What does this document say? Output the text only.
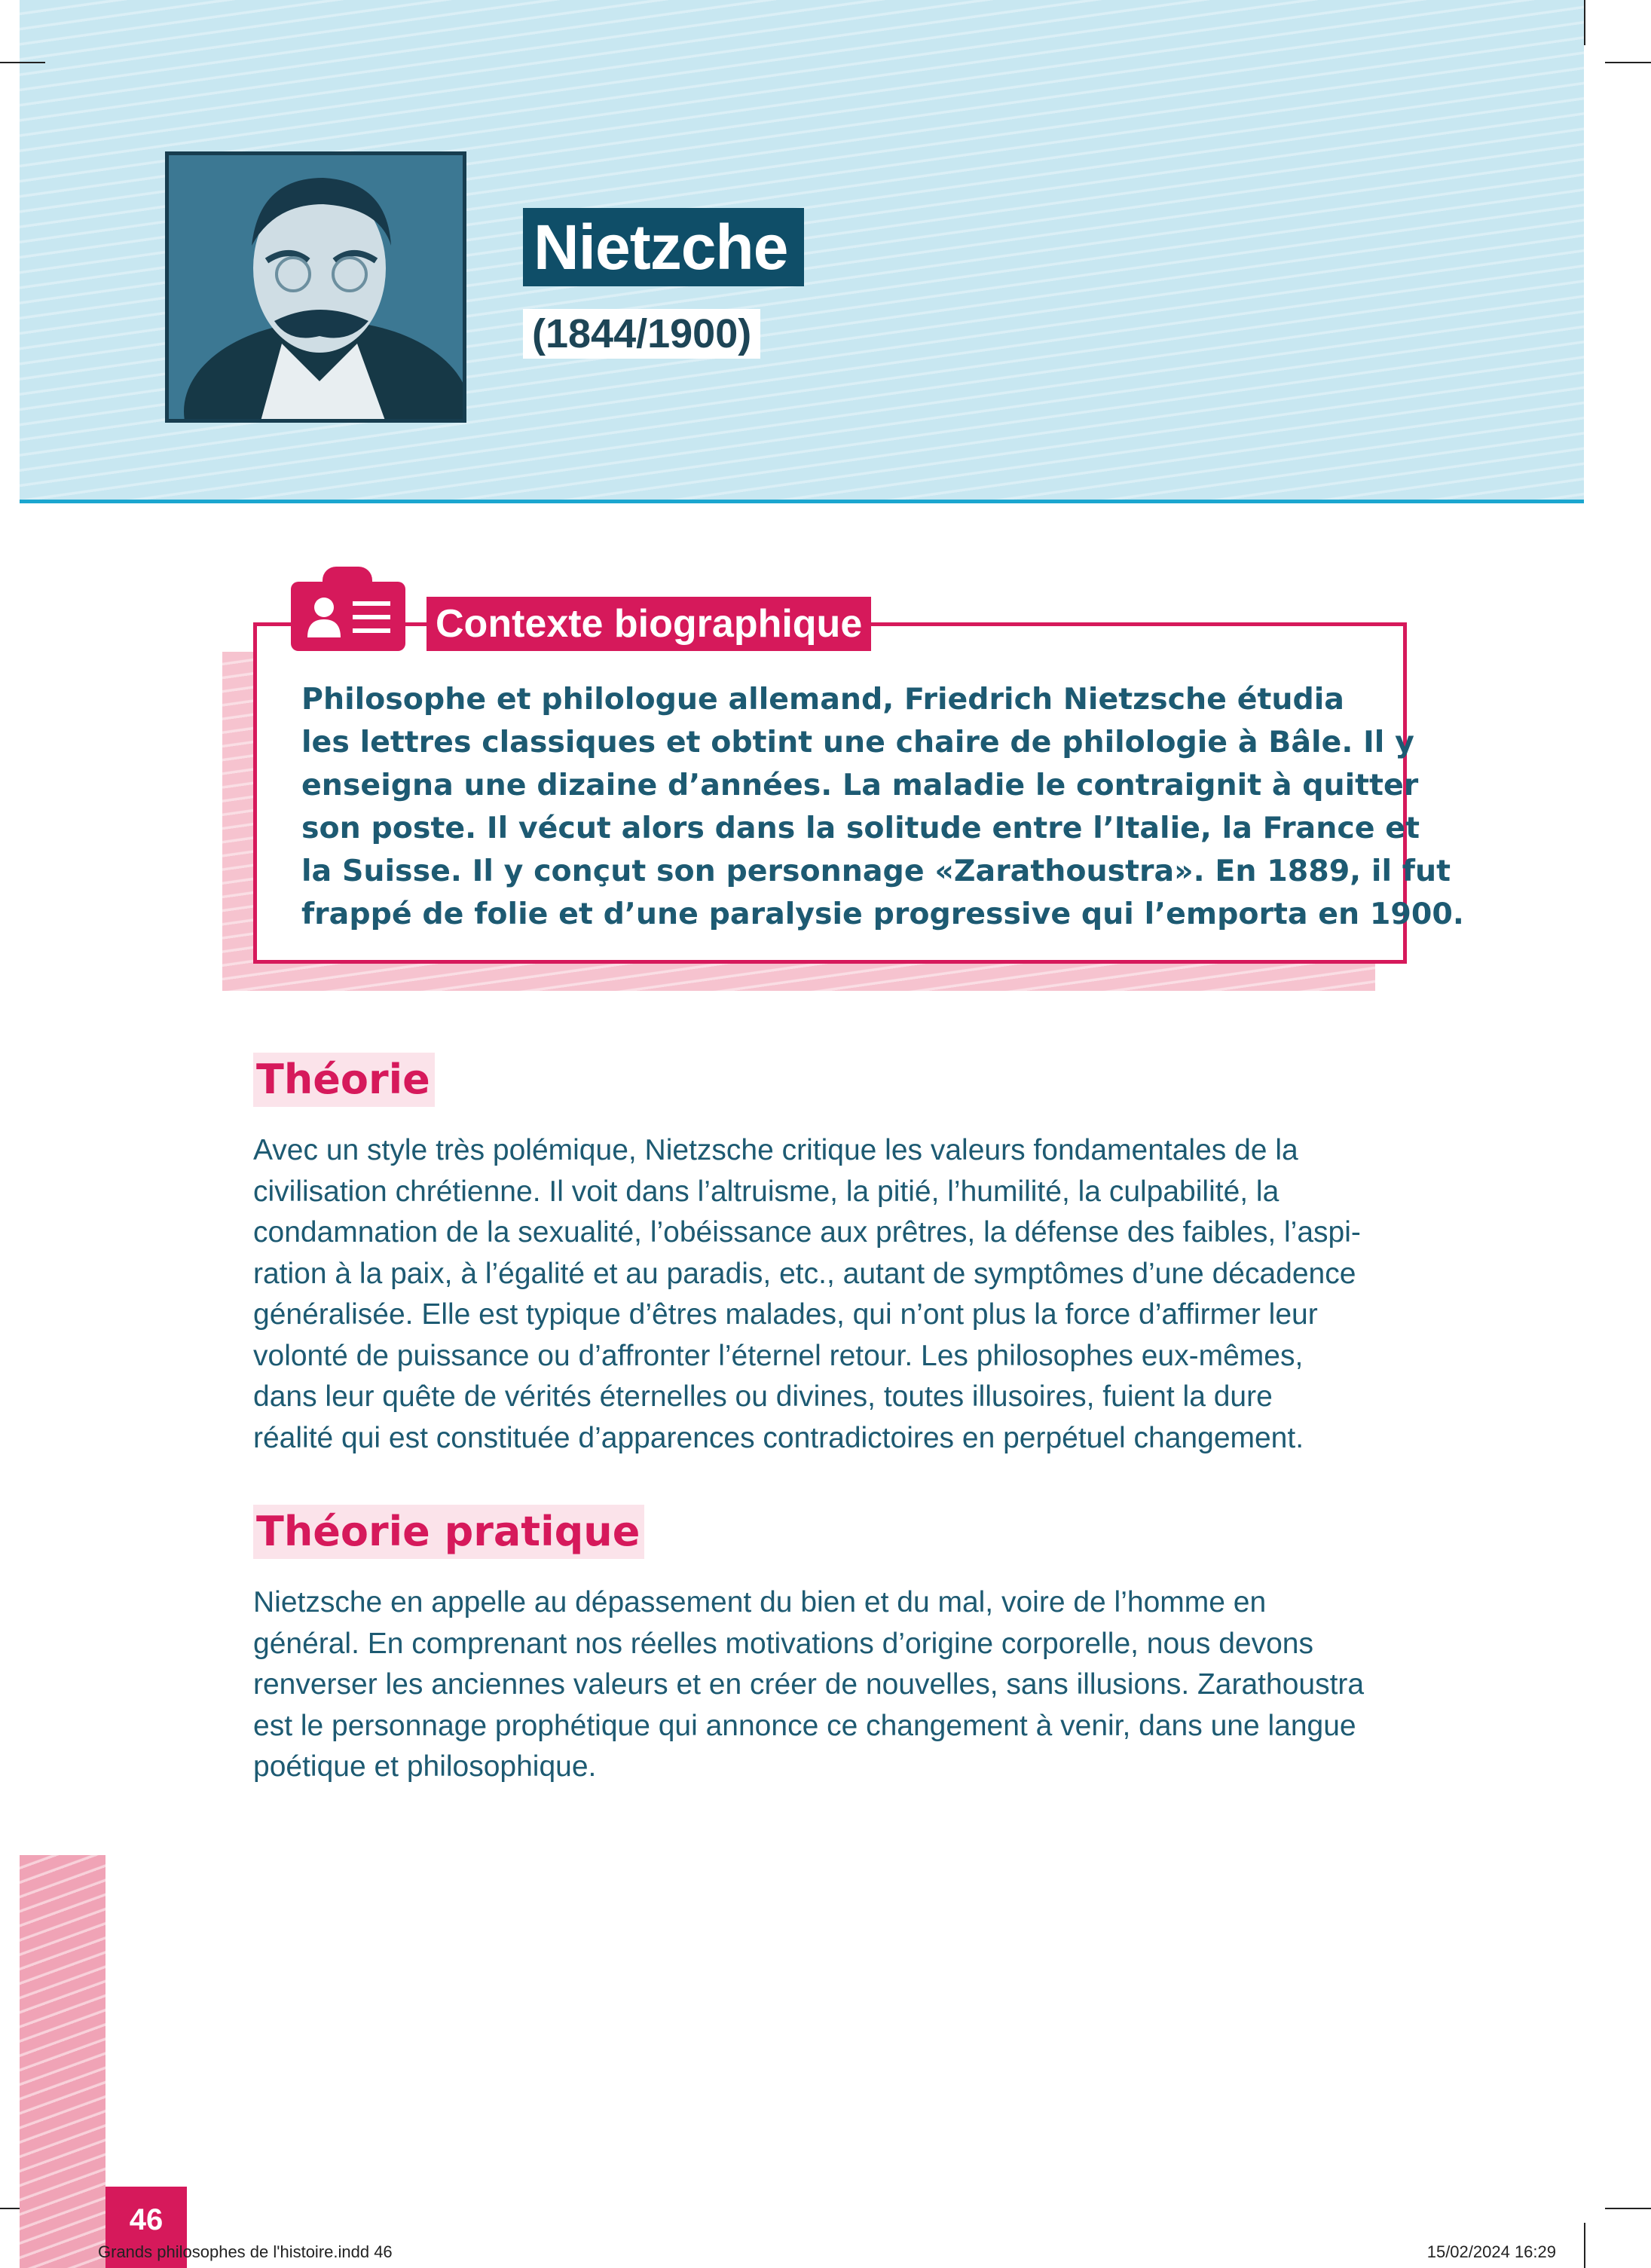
Nietzche
(1844/1900)
Contexte biographique

Philosophe et philologue allemand, Friedrich Nietzsche étudia

les lettres classiques et obtint une chaire de philologie à Bâle. Il y

enseigna une dizaine d’années. La maladie le contraignit à quitter

son poste. Il vécut alors dans la solitude entre l’Italie, la France et

la Suisse. Il y conçut son personnage «Zarathoustra». En 1889, il fut

frappé de folie et d’une paralysie progressive qui l’emporta en 1900.

Théorie

Avec un style très polémique, Nietzsche critique les valeurs fondamentales de la

civilisation chrétienne. Il voit dans l’altruisme, la pitié, l’humilité, la culpabilité, la

condamnation de la sexualité, l’obéissance aux prêtres, la défense des faibles, l’aspi-

ration à la paix, à l’égalité et au paradis, etc., autant de symptômes d’une décadence

généralisée. Elle est typique d’êtres malades, qui n’ont plus la force d’affirmer leur

volonté de puissance ou d’affronter l’éternel retour. Les philosophes eux-mêmes,

dans leur quête de vérités éternelles ou divines, toutes illusoires, fuient la dure

réalité qui est constituée d’apparences contradictoires en perpétuel changement.

Théorie pratique

Nietzsche en appelle au dépassement du bien et du mal, voire de l’homme en

général. En comprenant nos réelles motivations d’origine corporelle, nous devons

renverser les anciennes valeurs et en créer de nouvelles, sans illusions. Zarathoustra

est le personnage prophétique qui annonce ce changement à venir, dans une langue

poétique et philosophique.

46
Grands philosophes de l'histoire.indd 46	15/02/2024 16:29
